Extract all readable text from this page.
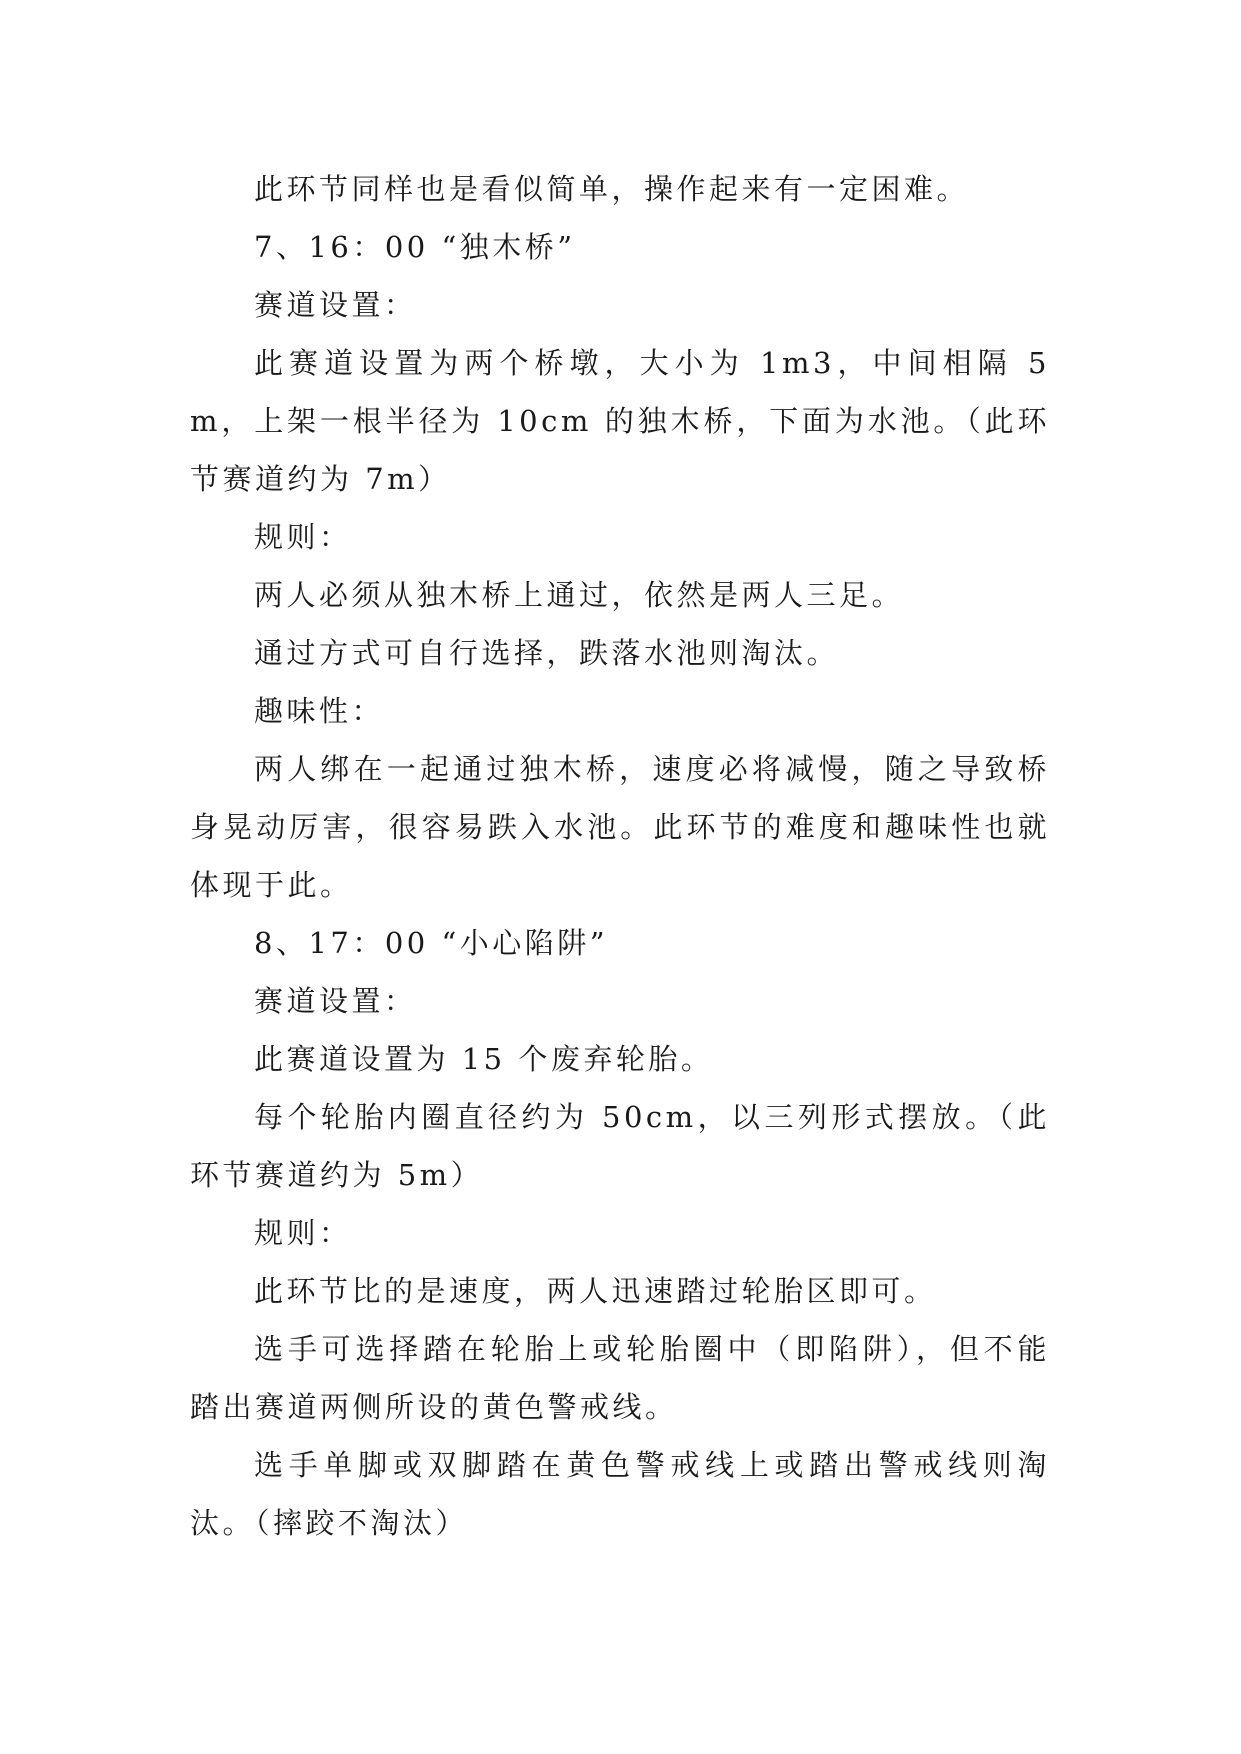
此环节同样也是看似简单，操作起来有一定困难。

7、16：00 “独木桥”

赛道设置：

此赛道设置为两个桥墩，大小为 1m3，中间相隔 5m，上架一根半径为 10cm 的独木桥，下面为水池。（此环节赛道约为 7m）

规则：

两人必须从独木桥上通过，依然是两人三足。

通过方式可自行选择，跌落水池则淘汰。

趣味性：

两人绑在一起通过独木桥，速度必将减慢，随之导致桥身晃动厉害，很容易跌入水池。此环节的难度和趣味性也就体现于此。

8、17：00 “小心陷阱”

赛道设置：

此赛道设置为 15 个废弃轮胎。

每个轮胎内圈直径约为 50cm，以三列形式摆放。（此环节赛道约为 5m）

规则：

此环节比的是速度，两人迅速踏过轮胎区即可。

选手可选择踏在轮胎上或轮胎圈中（即陷阱），但不能踏出赛道两侧所设的黄色警戒线。

选手单脚或双脚踏在黄色警戒线上或踏出警戒线则淘汰。（摔跤不淘汰）
